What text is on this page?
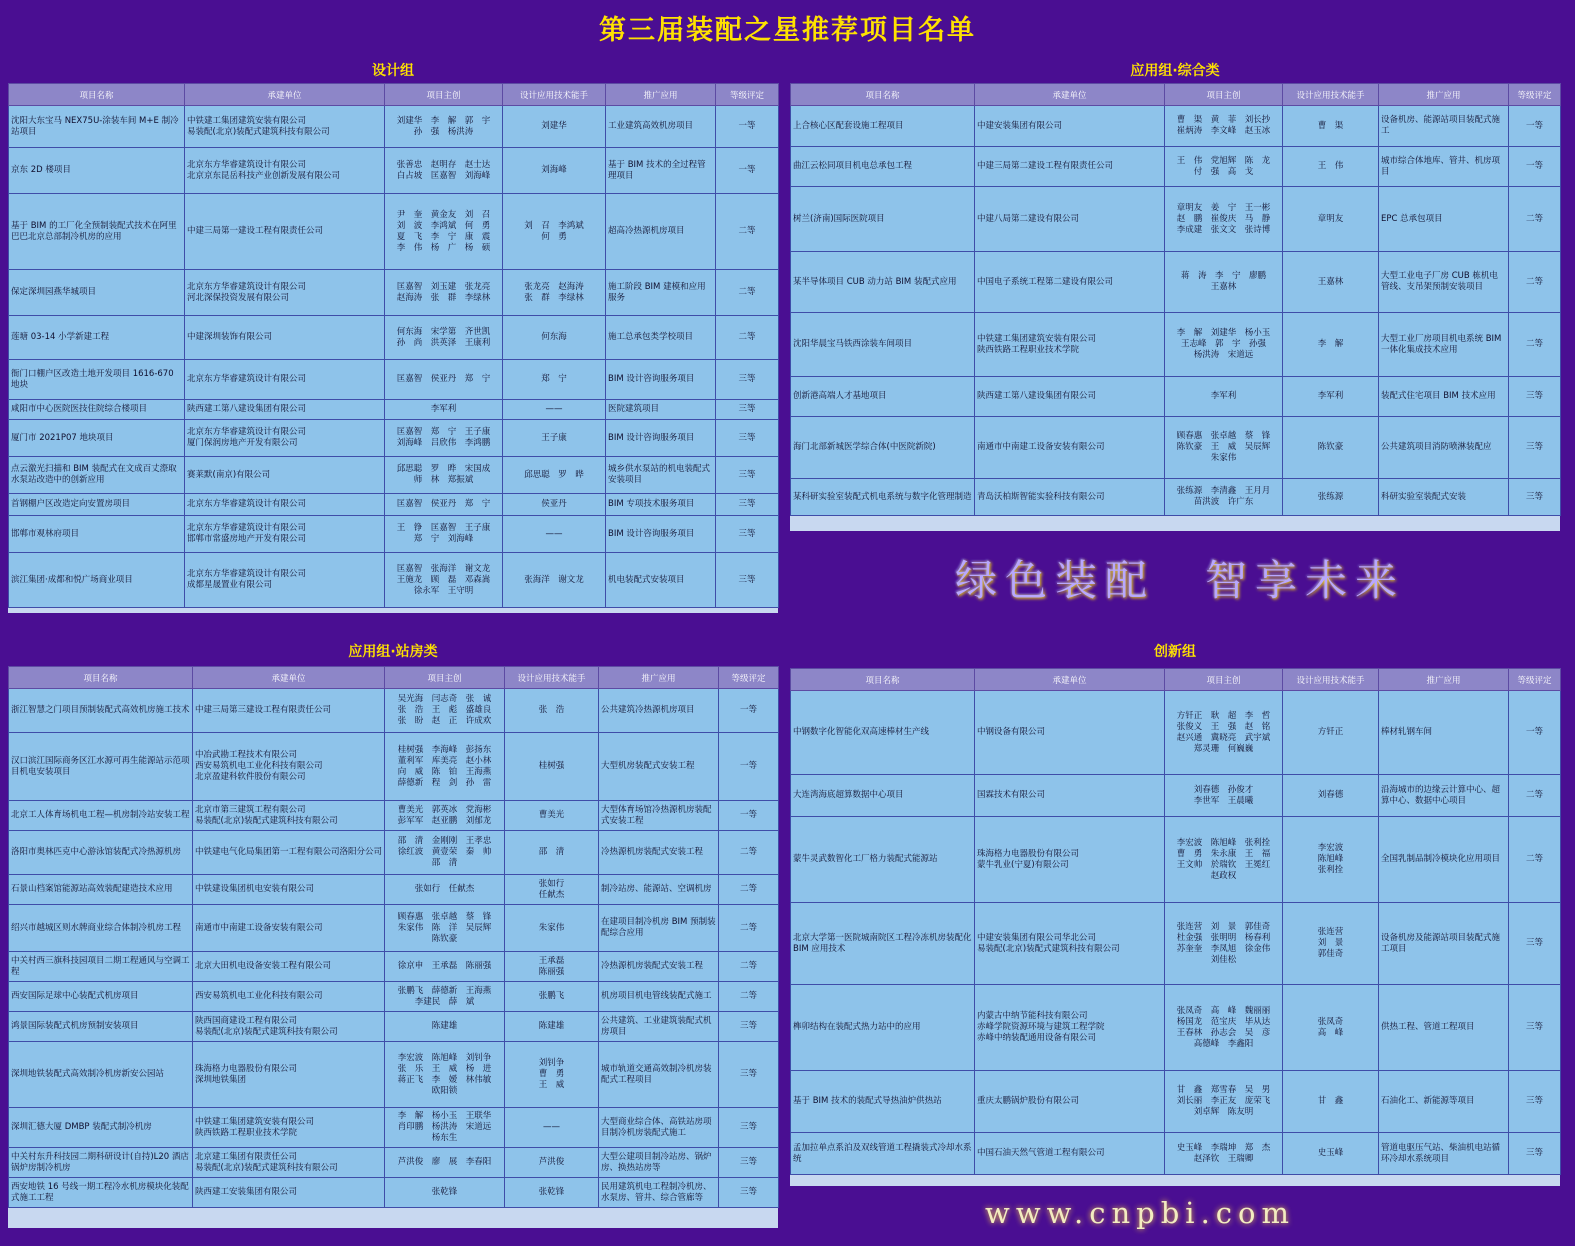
第三届装配之星推荐项目名单
设计组
项目名称	承建单位	项目主创	设计应用技术能手	推广应用	等级评定
沈阳大东宝马 NEX75U-涂装车间 M+E 制冷站项目	中铁建工集团建筑安装有限公司
易装配(北京)装配式建筑科技有限公司	刘建华　李　解　郭　宇
孙　强　杨洪涛	刘建华	工业建筑高效机房项目	一等
京东 2D 楼项目	北京东方华睿建筑设计有限公司
北京京东昆岳科技产业创新发展有限公司	张善忠　赵明存　赵士达
白占坡　匡嘉智　刘海峰	刘海峰	基于 BIM 技术的全过程管理项目	一等
基于 BIM 的工厂化全预制装配式技术在阿里巴巴北京总部制冷机房的应用	中建三局第一建设工程有限责任公司	尹　奎　黄金友　刘　召
刘　波　李鸿斌　何　勇
夏　飞　李　宁　康　震
李　伟　杨　广　杨　硕	刘　召　李鸿斌
何　勇	超高冷热源机房项目	二等
保定深圳园燕华城项目	北京东方华睿建筑设计有限公司
河北深保投资发展有限公司	匡嘉智　刘玉建　张龙亮
赵海涛　张　群　李绿林	张龙亮　赵海涛
张　群　李绿林	施工阶段 BIM 建模和应用服务	二等
莲塘 03-14 小学新建工程	中建深圳装饰有限公司	何东海　宋学第　齐世凯
孙　尚　洪英泽　王康利	何东海	施工总承包类学校项目	二等
衙门口棚户区改造土地开发项目 1616-670 地块	北京东方华睿建筑设计有限公司	匡嘉智　侯亚丹　郑　宁	郑　宁	BIM 设计咨询服务项目	三等
咸阳市中心医院医技住院综合楼项目	陕西建工第八建设集团有限公司	李军利	——	医院建筑项目	三等
厦门市 2021P07 地块项目	北京东方华睿建筑设计有限公司
厦门保润房地产开发有限公司	匡嘉智　郑　宁　王子康
刘海峰　吕欣伟　李鸿鹏	王子康	BIM 设计咨询服务项目	三等
点云激光扫描和 BIM 装配式在文成百丈漈取水泵站改造中的创新应用	赛莱默(南京)有限公司	邱思聪　罗　晔　宋国成
师　林　郑振斌	邱思聪　罗　晔	城乡供水泵站的机电装配式安装项目	三等
首钢棚户区改造定向安置房项目	北京东方华睿建筑设计有限公司	匡嘉智　侯亚丹　郑　宁	侯亚丹	BIM 专项技术服务项目	三等
邯郸市观林府项目	北京东方华睿建筑设计有限公司
邯郸市常盛房地产开发有限公司	王　铮　匡嘉智　王子康
郑　宁　刘海峰	——	BIM 设计咨询服务项目	三等
滨江集团·成都和悦广场商业项目	北京东方华睿建筑设计有限公司
成都星晟置业有限公司	匡嘉智　张海洋　谢文龙
王施龙　顾　磊　邓森嵩
徐永军　王守明	张海洋　谢文龙	机电装配式安装项目	三等
应用组·综合类
项目名称	承建单位	项目主创	设计应用技术能手	推广应用	等级评定
上合核心区配套设施工程项目	中建安装集团有限公司	曹　渠　黄　菲　刘长抄
崔炳涛　李文峰　赵玉冰	曹　渠	设备机房、能源站项目装配式施工	一等
曲江云松同项目机电总承包工程	中建三局第二建设工程有限责任公司	王　伟　党旭辉　陈　龙
付　强　高　戈	王　伟	城市综合体地库、管井、机房项目	一等
树兰(济南)国际医院项目	中建八局第二建设有限公司	章明友　姜　宁　王一彬
赵　鹏　崔俊庆　马　静
李成建　张文文　张诗博	章明友	EPC 总承包项目	二等
某半导体项目 CUB 动力站 BIM 装配式应用	中国电子系统工程第二建设有限公司	蒋　涛　李　宁　廖鹏
王嘉林	王嘉林	大型工业电子厂房 CUB 栋机电管线、支吊架预制安装项目	二等
沈阳华晨宝马铁西涂装车间项目	中铁建工集团建筑安装有限公司
陕西铁路工程职业技术学院	李　解　刘建华　杨小玉
王志峰　郭　宇　孙强
杨洪涛　宋道远	李　解	大型工业厂房项目机电系统 BIM 一体化集成技术应用	二等
创新港高端人才基地项目	陕西建工第八建设集团有限公司	李军利	李军利	装配式住宅项目 BIM 技术应用	三等
海门北部新城医学综合体(中医院新院)	南通市中南建工设备安装有限公司	顾春惠　张卓越　蔡　锋
陈钦豪　王　威　吴辰辉
朱家伟	陈钦豪	公共建筑项目消防喷淋装配应	三等
某科研实验室装配式机电系统与数字化管理制造	青岛沃柏斯智能实验科技有限公司	张练源　李清鑫　王月月
苗洪波　许广东	张练源	科研实验室装配式安装	三等
绿色装配　智享未来
应用组·站房类
项目名称	承建单位	项目主创	设计应用技术能手	推广应用	等级评定
浙江智慧之门项目预制装配式高效机房施工技术	中建三局第三建设工程有限责任公司	吴光海　闫志奇　张　诚
张　浩　王　彪　盛雄良
张　盼　赵　正　许成欢	张　浩	公共建筑冷热源机房项目	一等
汉口滨江国际商务区江水源可再生能源站示范项目机电安装项目	中冶武勘工程技术有限公司
西安易筑机电工业化科技有限公司
北京盈建科软件股份有限公司	桂树强　李海峰　彭扬东
董利军　库美亮　赵小林
向　威　陈　铂　王海燕
薛德新　程　剑　孙　雷	桂树强	大型机房装配式安装工程	一等
北京工人体育场机电工程—机房制冷站安装工程	北京市第三建筑工程有限公司
易装配(北京)装配式建筑科技有限公司	曹美光　郭英冰　党海彬
彭军军　赵亚鹏　刘郁龙	曹美光	大型体育场馆冷热源机房装配式安装工程	一等
洛阳市奥林匹克中心游泳馆装配式冷热源机房	中铁建电气化局集团第一工程有限公司洛阳分公司	邵　清　金刚刚　王孝忠
徐红波　黄壹荣　秦　帅
邵　清	邵　清	冷热源机房装配式安装工程	二等
石景山档案馆能源站高效装配建造技术应用	中铁建设集团机电安装有限公司	张如行　任献杰	张如行
任献杰	制冷站房、能源站、空调机房	二等
绍兴市越城区则水牌商业综合体制冷机房工程	南通市中南建工设备安装有限公司	顾春惠　张卓越　蔡　锋
朱家伟　陈　洋　吴辰辉
陈钦豪	朱家伟	在建项目制冷机房 BIM 预制装配综合应用	二等
中关村西三旗科技园项目二期工程通风与空调工程	北京大田机电设备安装工程有限公司	徐京申　王承磊　陈丽强	王承磊
陈丽强	冷热源机房装配式安装工程	二等
西安国际足球中心装配式机房项目	西安易筑机电工业化科技有限公司	张鹏飞　薛德新　王海燕
李建民　薛　斌	张鹏飞	机房项目机电管线装配式施工	二等
鸿景国际装配式机房预制安装项目	陕西国商建设工程有限公司
易装配(北京)装配式建筑科技有限公司	陈建雄	陈建雄	公共建筑、工业建筑装配式机房项目	三等
深圳地铁装配式高效制冷机房新安公园站	珠海格力电器股份有限公司
深圳地铁集团	李宏波　陈旭峰　刘钊争
张　乐　王　威　杨　进
蒋正飞　李　嫒　林伟敏
欧阳锁	刘钊争
曹　勇
王　威	城市轨道交通高效制冷机房装配式工程项目	三等
深圳汇德大厦 DMBP 装配式制冷机房	中铁建工集团建筑安装有限公司
陕西铁路工程职业技术学院	李　解　杨小玉　王联华
肖印鹏　杨洪涛　宋道远
杨东生	——	大型商业综合体、高铁站房项目制冷机房装配式施工	三等
中关村东升科技园二期科研设计(自持)L20 酒店锅炉房制冷机房	北京建工集团有限责任公司
易装配(北京)装配式建筑科技有限公司	芦洪俊　廖　展　李春阳	芦洪俊	大型公建项目制冷站房、锅炉房、换热站房等	三等
西安地铁 16 号线一期工程冷水机房模块化装配式施工工程	陕西建工安装集团有限公司	张乾锋	张乾锋	民用建筑机电工程制冷机房、水泵房、管井、综合管廊等	三等
创新组
项目名称	承建单位	项目主创	设计应用技术能手	推广应用	等级评定
中钢数字化智能化双高速棒材生产线	中钢设备有限公司	方钎正　耿　超　李　哲
张俊义　王　强　赵　铭
赵兴通　冀晓亮　武宇斌
郑灵珊　何巍巍	方钎正	棒材轧钢车间	一等
大连湾海底超算数据中心项目	国霖技术有限公司	刘春德　孙俊才
李世军　王晨曦	刘春德	沿海城市的边缘云计算中心、超算中心、数据中心项目	二等
蒙牛灵武数智化工厂格力装配式能源站	珠海格力电器股份有限公司
蒙牛乳业(宁夏)有限公司	李宏波　陈旭峰　张利拴
曹　勇　朱永康　王　福
王文帅　於瑞钦　王冕红
赵政权	李宏波
陈旭峰
张利拴	全国乳制品制冷模块化应用项目	二等
北京大学第一医院城南院区工程冷冻机房装配化 BIM 应用技术	中建安装集团有限公司华北公司
易装配(北京)装配式建筑科技有限公司	张连营　刘　景　郭佳奇
杜金强　张明明　杨春利
苏奎奎　李凤旭　徐金伟
刘佳松	张连营
刘　景
郭佳奇	设备机房及能源站项目装配式施工项目	三等
榫卯结构在装配式热力站中的应用	内蒙古中纳节能科技有限公司
赤峰学院资源环境与建筑工程学院
赤峰中纳装配通用设备有限公司	张凤奇　高　峰　魏丽丽
杨国龙　范宝庆　毕从达
王春林　孙志会　吴　彦
高德峰　李鑫阳	张凤奇
高　峰	供热工程、管道工程项目	三等
基于 BIM 技术的装配式导热油炉供热站	重庆太鹏锅炉股份有限公司	甘　鑫　郑雪春　吴　男
刘长丽　李正友　庞荣飞
刘卓辉　陈友明	甘　鑫	石油化工、新能源等项目	三等
孟加拉单点系泊及双线管道工程撬装式冷却水系统	中国石油天然气管道工程有限公司	史玉峰　李瑞坤　郑　杰
赵泽钦　王瑞卿	史玉峰	管道电驱压气站、柴油机电站循环冷却水系统项目	三等
www.cnpbi.com
